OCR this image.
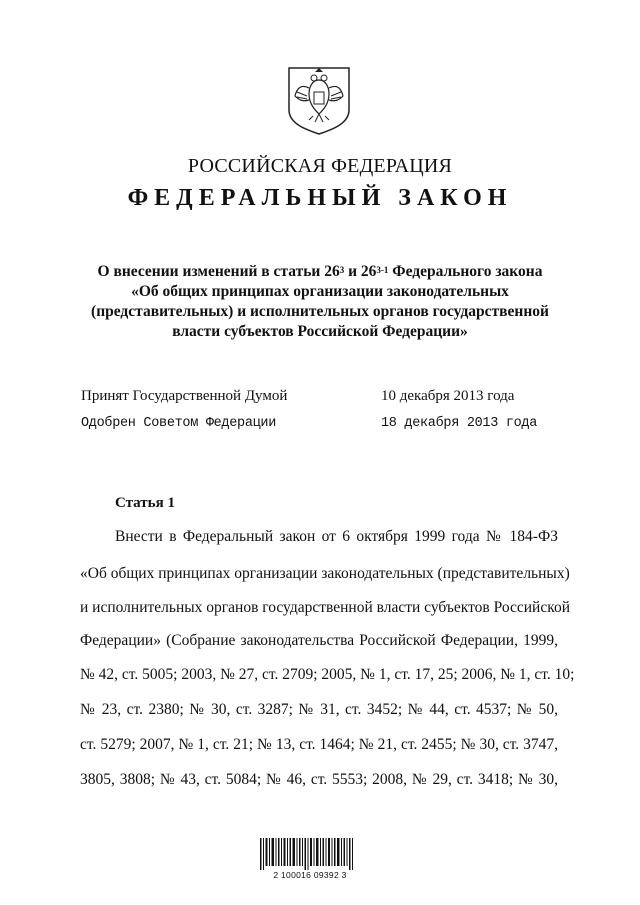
РОССИЙСКАЯ ФЕДЕРАЦИЯ
ФЕДЕРАЛЬНЫЙ ЗАКОН
О внесении изменений в статьи $26^3$ и 26$^{3-1}$ Федерального закона
«Об общих принципах организации законодательных
(представительных) и исполнительных органов государственной
власти субъектов Российской Федерации»
Принят Государственной Думой	10 декабря 2013 года
Одобрен Советом Федерации	18 декабря 2013 года
Статья 1
Внести в Федеральный закон от 6 октября 1999 года № 184-ФЗ
«Об общих принципах организации законодательных (представительных)
и исполнительных органов государственной власти субъектов Российской
Федерации» (Собрание законодательства Российской Федерации, 1999,
№ 42, ст. 5005; 2003, № 27, ст. 2709; 2005, № 1, ст. 17, 25; 2006, № 1, ст. 10;
№ 23, ст. 2380; № 30, ст. 3287; № 31, ст. 3452; № 44, ст. 4537; № 50,
ст. 5279; 2007, № 1, ст. 21; № 13, ст. 1464; № 21, ст. 2455; № 30, ст. 3747,
3805, 3808; № 43, ст. 5084; № 46, ст. 5553; 2008, № 29, ст. 3418; № 30,
2 100016 09392 3
